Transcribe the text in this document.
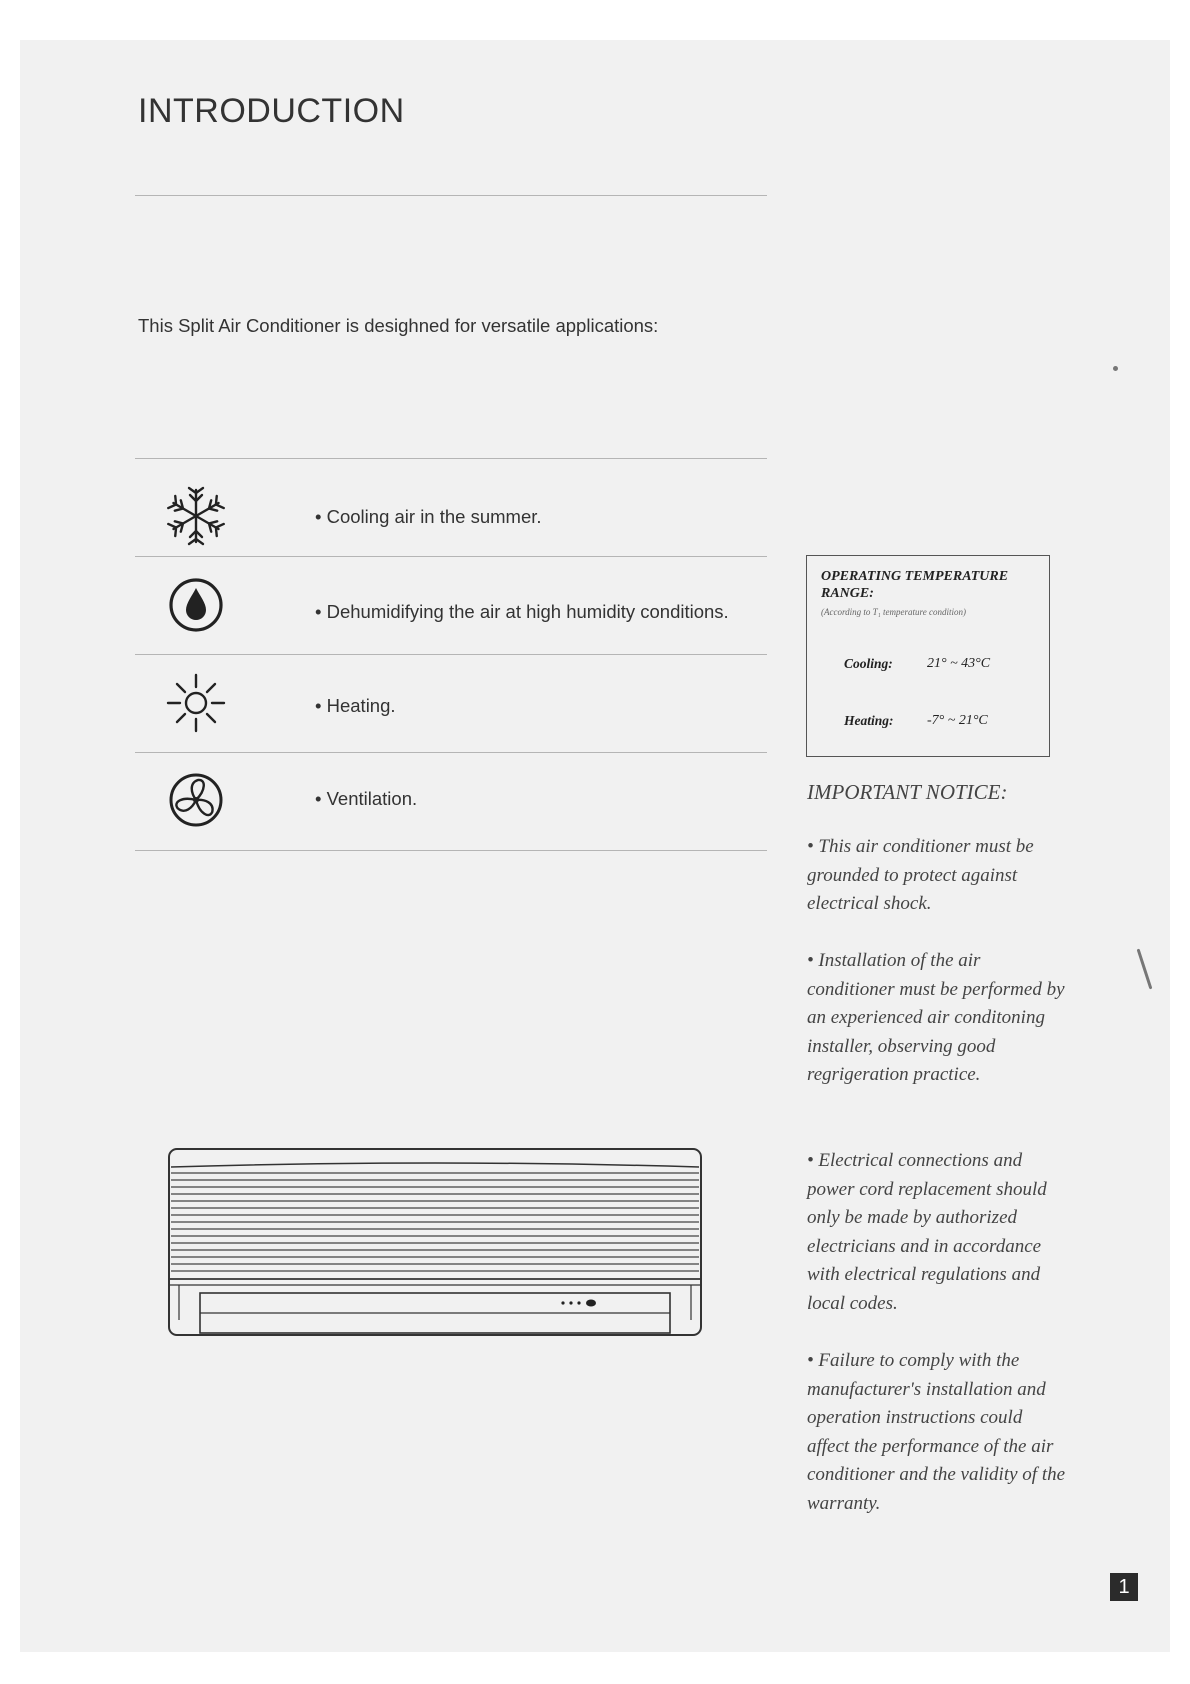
INTRODUCTION

This Split Air Conditioner is desighned for versatile applications:

• Cooling air in the summer.
• Dehumidifying the air at high humidity conditions.
• Heating.
• Ventilation.
OPERATING TEMPERATURE RANGE:
(According to T₁ temperature condition)
Cooling: 21° ~ 43°C
Heating: -7° ~ 21°C
IMPORTANT NOTICE:
• This air conditioner must be grounded to protect against electrical shock.
• Installation of the air conditioner must be performed by an experienced air conditoning installer, observing good regrigeration practice.
• Electrical connections and power cord replacement should only be made by authorized electricians and in accordance with electrical regulations and local codes.
• Failure to comply with the manufacturer's installation and operation instructions could affect the performance of the air conditioner and the validity of the warranty.
1
